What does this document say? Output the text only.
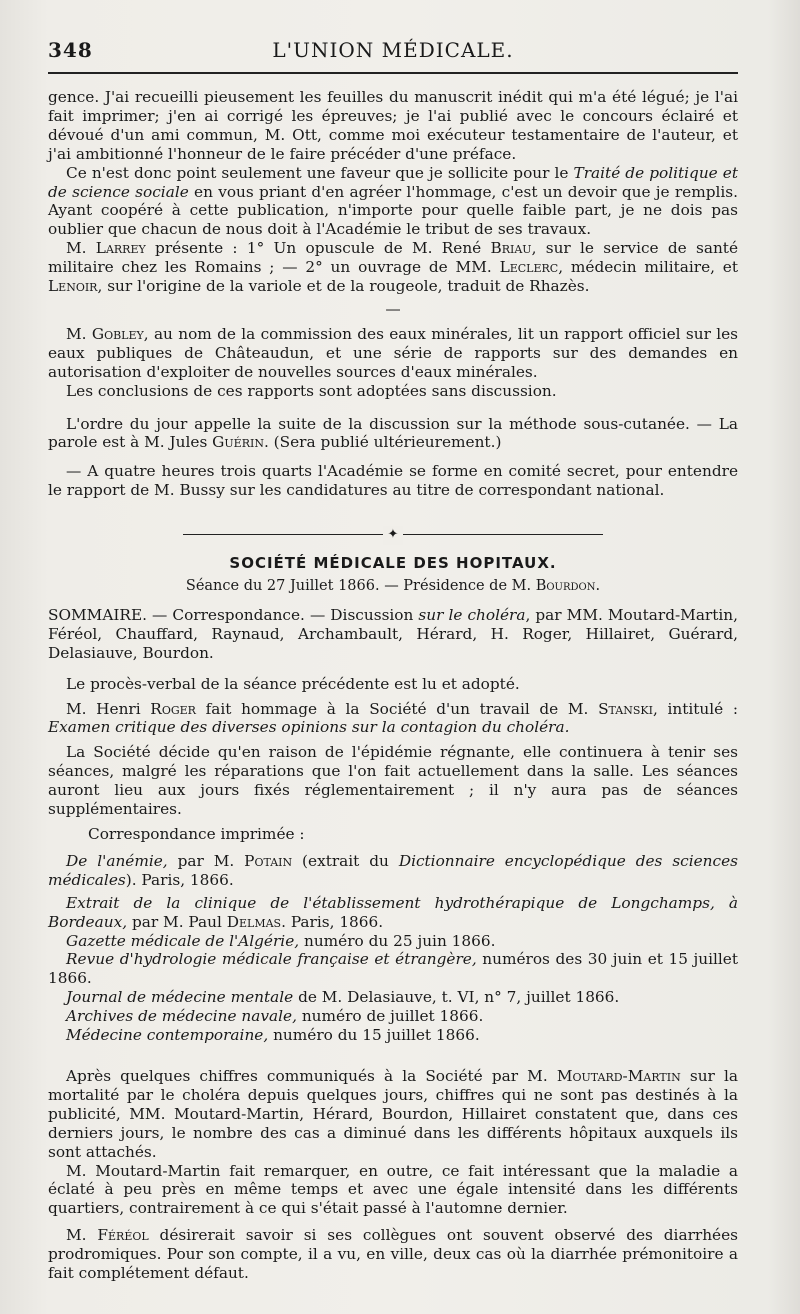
348	L'UNION MÉDICALE.

gence. J'ai recueilli pieusement les feuilles du manuscrit inédit qui m'a été légué; je l'ai fait imprimer; j'en ai corrigé les épreuves; je l'ai publié avec le concours éclairé et dévoué d'un ami commun, M. Ott, comme moi exécuteur testamentaire de l'auteur, et j'ai ambitionné l'honneur de le faire précéder d'une préface.

Ce n'est donc point seulement une faveur que je sollicite pour le Traité de politique et de science sociale en vous priant d'en agréer l'hommage, c'est un devoir que je remplis. Ayant coopéré à cette publication, n'importe pour quelle faible part, je ne dois pas oublier que chacun de nous doit à l'Académie le tribut de ses travaux.

M. Larrey présente : 1° Un opuscule de M. René Briau, sur le service de santé militaire chez les Romains ; — 2° un ouvrage de MM. Leclerc, médecin militaire, et Lenoir, sur l'origine de la variole et de la rougeole, traduit de Rhazès.

—

M. Gobley, au nom de la commission des eaux minérales, lit un rapport officiel sur les eaux publiques de Châteaudun, et une série de rapports sur des demandes en autorisation d'exploiter de nouvelles sources d'eaux minérales.

Les conclusions de ces rapports sont adoptées sans discussion.

L'ordre du jour appelle la suite de la discussion sur la méthode sous-cutanée. — La parole est à M. Jules Guérin. (Sera publié ultérieurement.)

— A quatre heures trois quarts l'Académie se forme en comité secret, pour entendre le rapport de M. Bussy sur les candidatures au titre de correspondant national.

✦
SOCIÉTÉ MÉDICALE DES HOPITAUX.
Séance du 27 Juillet 1866. — Présidence de M. Bourdon.

SOMMAIRE. — Correspondance. — Discussion sur le choléra, par MM. Moutard-Martin, Féréol, Chauffard, Raynaud, Archambault, Hérard, H. Roger, Hillairet, Guérard, Delasiauve, Bourdon.

Le procès-verbal de la séance précédente est lu et adopté.

M. Henri Roger fait hommage à la Société d'un travail de M. Stanski, intitulé : Examen critique des diverses opinions sur la contagion du choléra.

La Société décide qu'en raison de l'épidémie régnante, elle continuera à tenir ses séances, malgré les réparations que l'on fait actuellement dans la salle. Les séances auront lieu aux jours fixés réglementairement ; il n'y aura pas de séances supplémentaires.

Correspondance imprimée :

De l'anémie, par M. Potain (extrait du Dictionnaire encyclopédique des sciences médicales). Paris, 1866.

Extrait de la clinique de l'établissement hydrothérapique de Longchamps, à Bordeaux, par M. Paul Delmas. Paris, 1866.

Gazette médicale de l'Algérie, numéro du 25 juin 1866.

Revue d'hydrologie médicale française et étrangère, numéros des 30 juin et 15 juillet 1866.

Journal de médecine mentale de M. Delasiauve, t. VI, n° 7, juillet 1866.

Archives de médecine navale, numéro de juillet 1866.

Médecine contemporaine, numéro du 15 juillet 1866.

Après quelques chiffres communiqués à la Société par M. Moutard-Martin sur la mortalité par le choléra depuis quelques jours, chiffres qui ne sont pas destinés à la publicité, MM. Moutard-Martin, Hérard, Bourdon, Hillairet constatent que, dans ces derniers jours, le nombre des cas a diminué dans les différents hôpitaux auxquels ils sont attachés.

M. Moutard-Martin fait remarquer, en outre, ce fait intéressant que la maladie a éclaté à peu près en même temps et avec une égale intensité dans les différents quartiers, contrairement à ce qui s'était passé à l'automne dernier.

M. Féréol désirerait savoir si ses collègues ont souvent observé des diarrhées prodromiques. Pour son compte, il a vu, en ville, deux cas où la diarrhée prémonitoire a fait complétement défaut.
